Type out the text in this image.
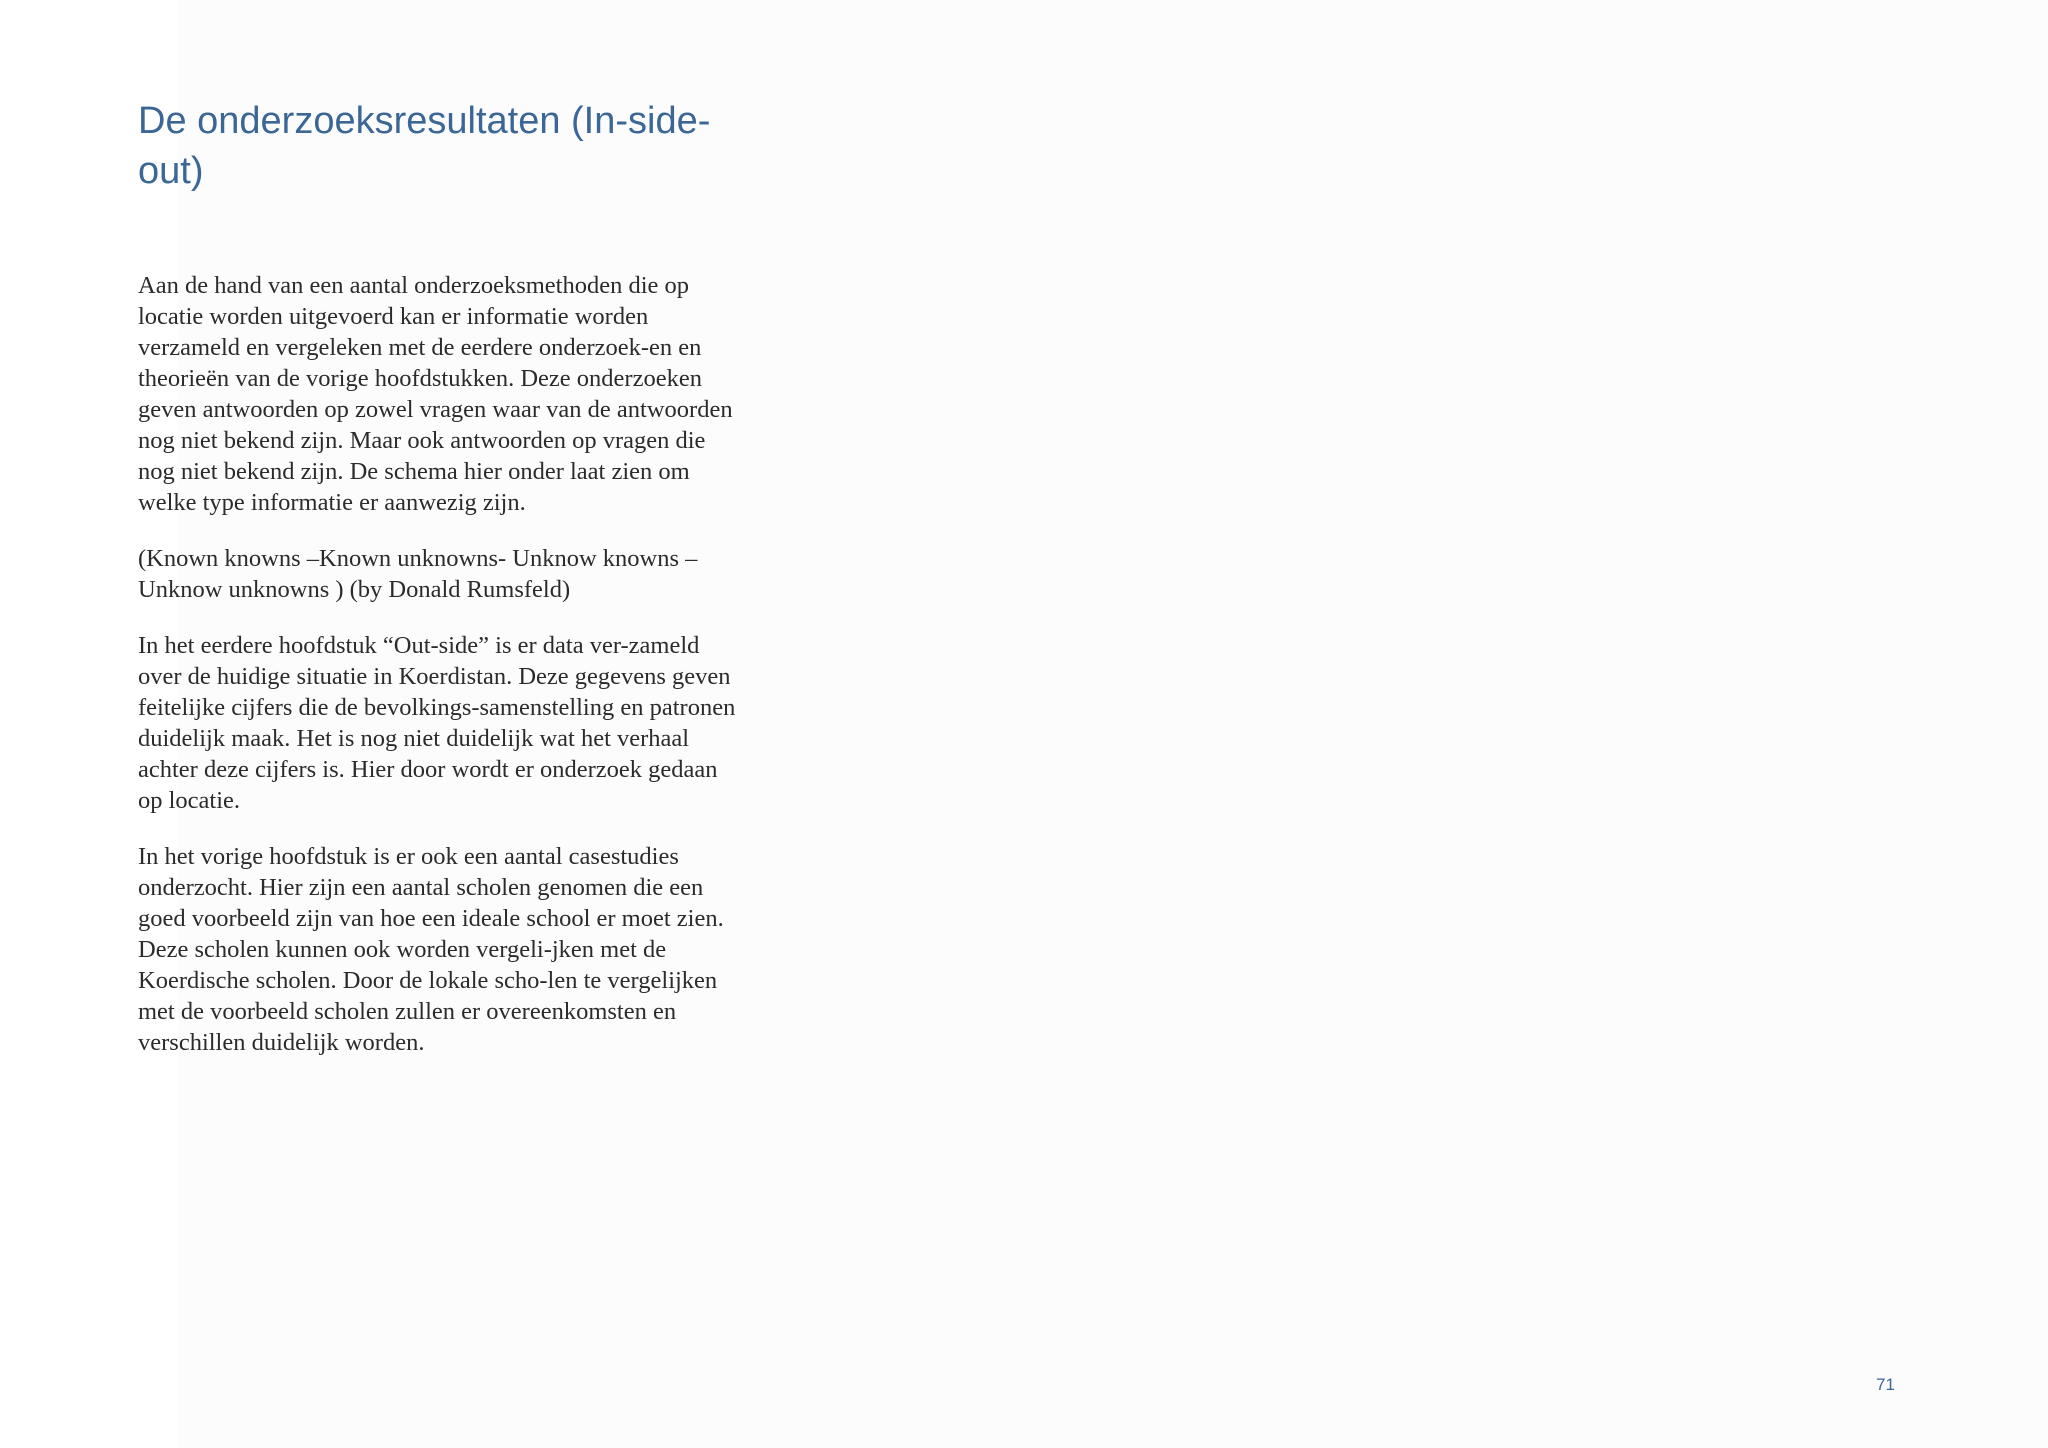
De onderzoeksresultaten (In-side-out)

Aan de hand van een aantal onderzoeksmethoden die op locatie worden uitgevoerd kan er informatie worden verzameld en vergeleken met de eerdere onderzoek-en en theorieën van de vorige hoofdstukken. Deze onderzoeken geven antwoorden op zowel vragen waar van de antwoorden nog niet bekend zijn. Maar ook antwoorden op vragen die nog niet bekend zijn. De schema hier onder laat zien om welke type informatie er aanwezig zijn.

(Known knowns –Known unknowns- Unknow knowns – Unknow unknowns ) (by Donald Rumsfeld)

In het eerdere hoofdstuk “Out-side” is er data ver-zameld over de huidige situatie in Koerdistan. Deze gegevens geven feitelijke cijfers die de bevolkings-samenstelling en patronen duidelijk maak. Het is nog niet duidelijk wat het verhaal achter deze cijfers is. Hier door wordt er onderzoek gedaan op locatie.

In het vorige hoofdstuk is er ook een aantal casestudies onderzocht. Hier zijn een aantal scholen genomen die een goed voorbeeld zijn van hoe een ideale school er moet zien. Deze scholen kunnen ook worden vergeli-jken met de Koerdische scholen. Door de lokale scho-len te vergelijken met de voorbeeld scholen zullen er overeenkomsten en verschillen duidelijk worden.

71
